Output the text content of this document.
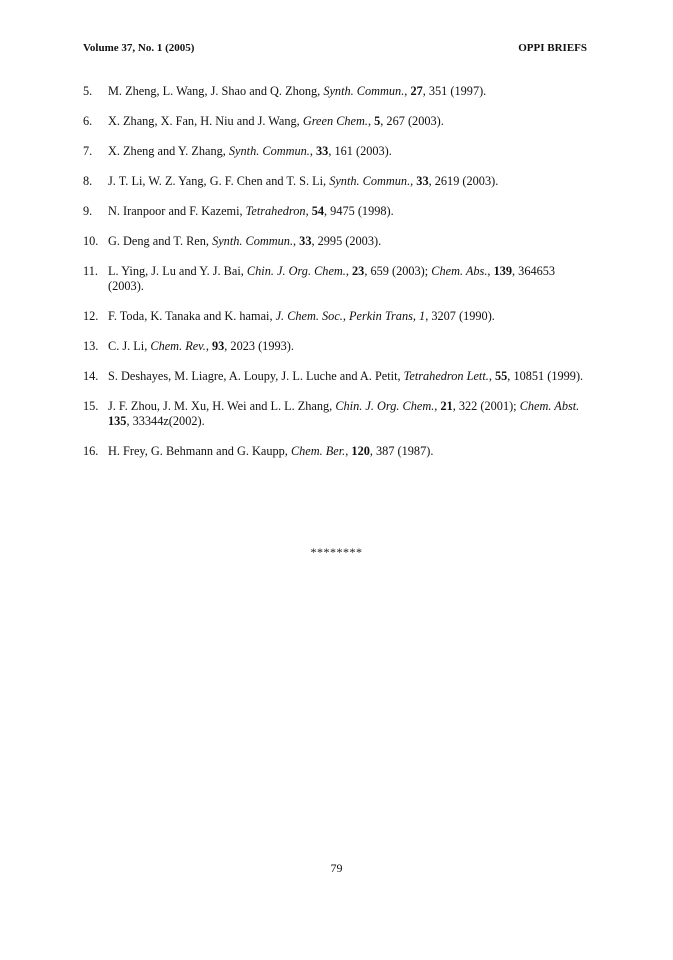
Volume 37, No. 1 (2005)	OPPI BRIEFS
5. M. Zheng, L. Wang, J. Shao and Q. Zhong, Synth. Commun., 27, 351 (1997).
6. X. Zhang, X. Fan, H. Niu and J. Wang, Green Chem., 5, 267 (2003).
7. X. Zheng and Y. Zhang, Synth. Commun., 33, 161 (2003).
8. J. T. Li, W. Z. Yang, G. F. Chen and T. S. Li, Synth. Commun., 33, 2619 (2003).
9. N. Iranpoor and F. Kazemi, Tetrahedron, 54, 9475 (1998).
10. G. Deng and T. Ren, Synth. Commun., 33, 2995 (2003).
11. L. Ying, J. Lu and Y. J. Bai, Chin. J. Org. Chem., 23, 659 (2003); Chem. Abs., 139, 364653 (2003).
12. F. Toda, K. Tanaka and K. hamai, J. Chem. Soc., Perkin Trans, 1, 3207 (1990).
13. C. J. Li, Chem. Rev., 93, 2023 (1993).
14. S. Deshayes, M. Liagre, A. Loupy, J. L. Luche and A. Petit, Tetrahedron Lett., 55, 10851 (1999).
15. J. F. Zhou, J. M. Xu, H. Wei and L. L. Zhang, Chin. J. Org. Chem., 21, 322 (2001); Chem. Abst. 135, 33344z(2002).
16. H. Frey, G. Behmann and G. Kaupp, Chem. Ber., 120, 387 (1987).
********
79
